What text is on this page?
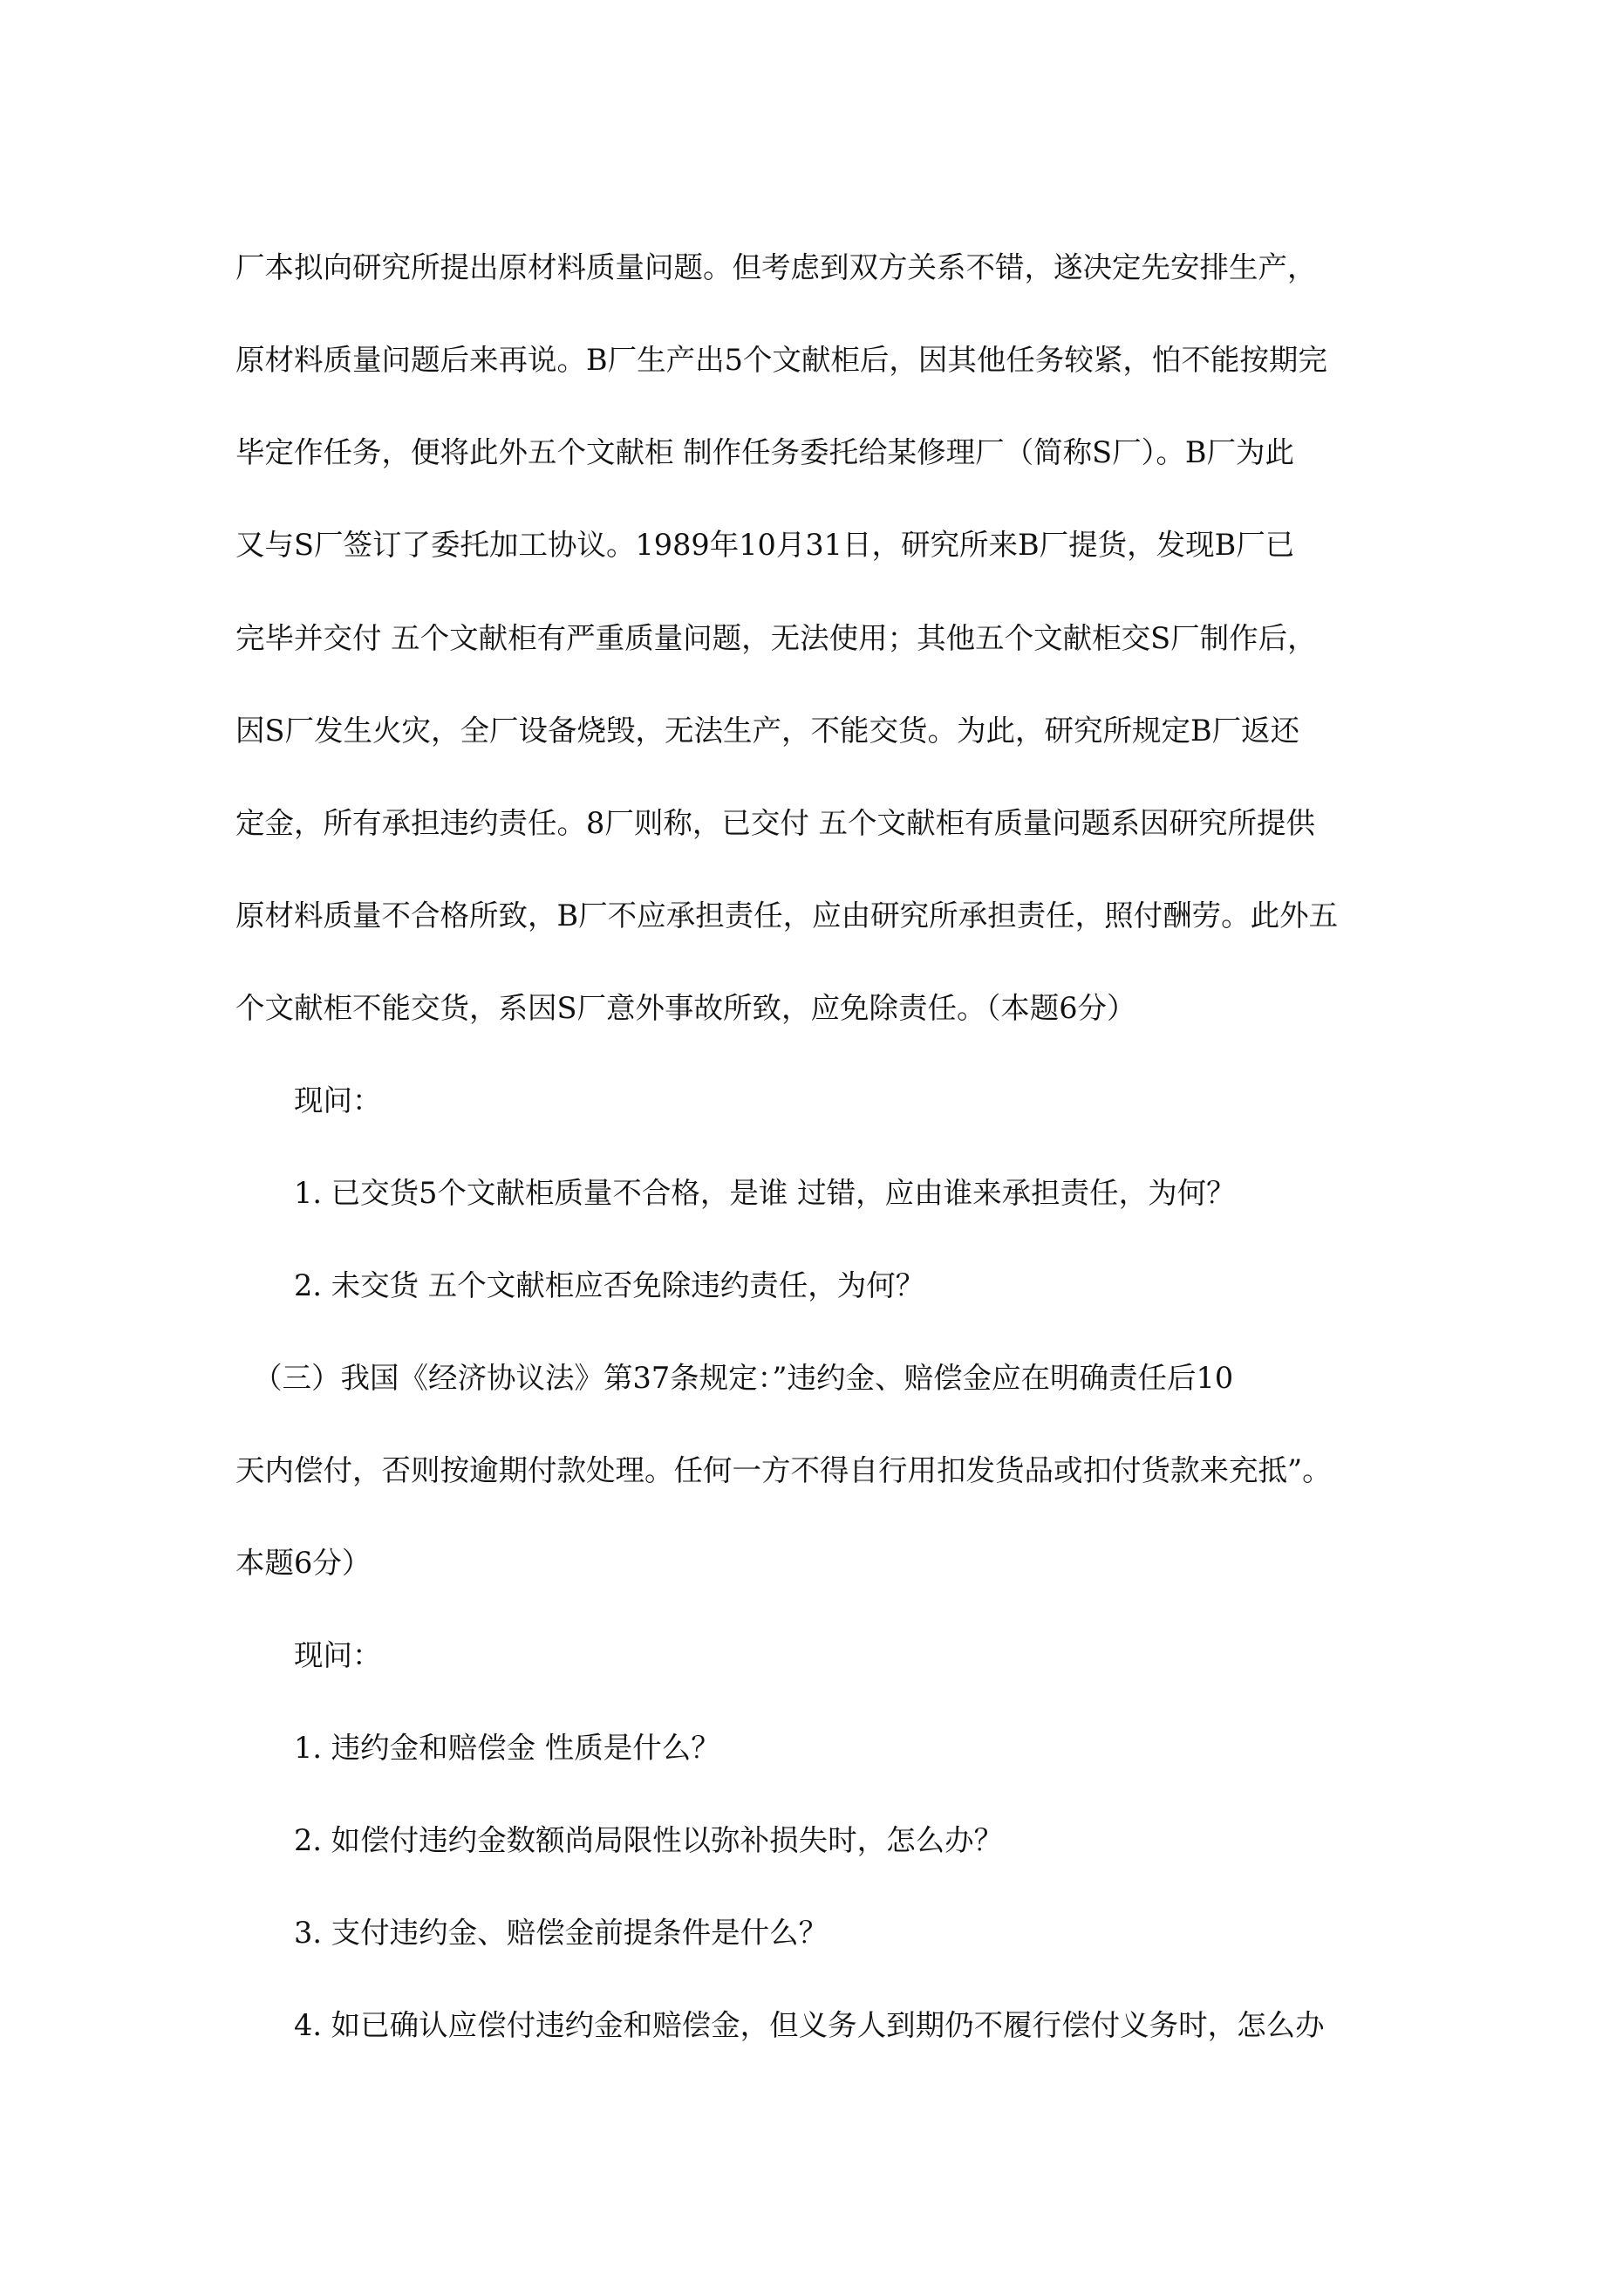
厂本拟向研究所提出原材料质量问题。但考虑到双方关系不错，遂决定先安排生产，
原材料质量问题后来再说。B厂生产出5个文献柜后，因其他任务较紧，怕不能按期完
毕定作任务，便将此外五个文献柜 制作任务委托给某修理厂（简称S厂）。B厂为此
又与S厂签订了委托加工协议。1989年10月31日，研究所来B厂提货，发现B厂已
完毕并交付 五个文献柜有严重质量问题，无法使用；其他五个文献柜交S厂制作后，
因S厂发生火灾，全厂设备烧毁，无法生产，不能交货。为此，研究所规定B厂返还
定金，所有承担违约责任。8厂则称，已交付 五个文献柜有质量问题系因研究所提供
原材料质量不合格所致，B厂不应承担责任，应由研究所承担责任，照付酬劳。此外五
个文献柜不能交货，系因S厂意外事故所致，应免除责任。（本题6分）
现问：
1. 已交货5个文献柜质量不合格，是谁 过错，应由谁来承担责任，为何？
2. 未交货 五个文献柜应否免除违约责任，为何？
（三）我国《经济协议法》第37条规定：”违约金、赔偿金应在明确责任后10
天内偿付，否则按逾期付款处理。任何一方不得自行用扣发货品或扣付货款来充抵”。
本题6分）
现问：
1. 违约金和赔偿金 性质是什么？
2. 如偿付违约金数额尚局限性以弥补损失时，怎么办？
3. 支付违约金、赔偿金前提条件是什么？
4. 如已确认应偿付违约金和赔偿金，但义务人到期仍不履行偿付义务时，怎么办
